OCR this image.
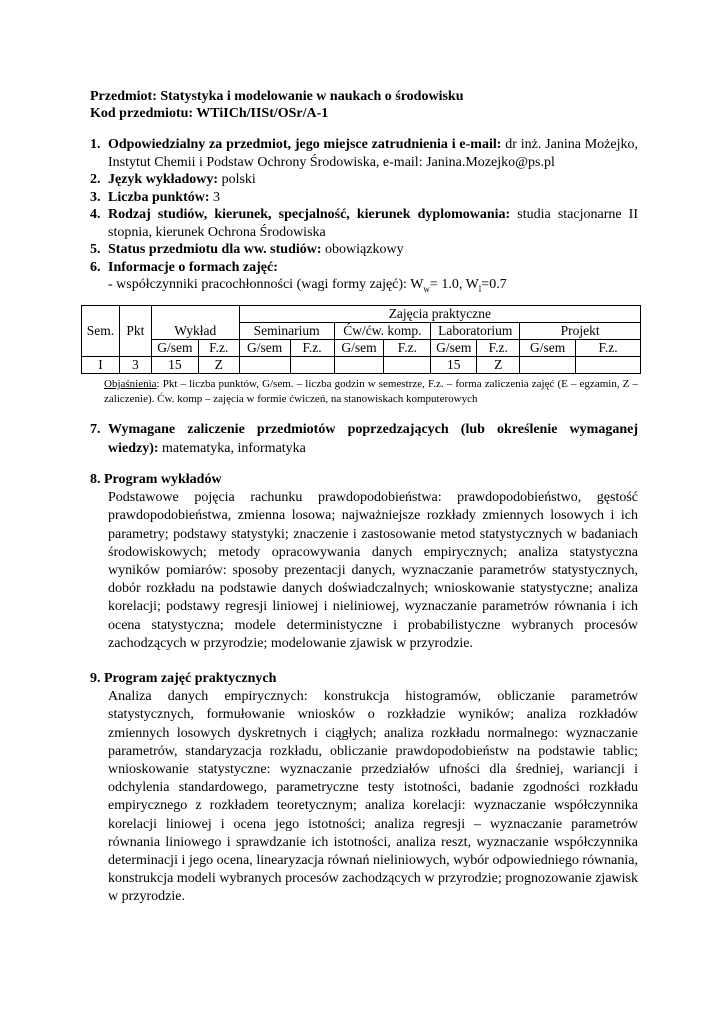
Przedmiot: Statystyka i modelowanie w naukach o środowisku
Kod przedmiotu: WTiICh/IISt/OSr/A-1
1. Odpowiedzialny za przedmiot, jego miejsce zatrudnienia i e-mail: dr inż. Janina Możejko, Instytut Chemii i Podstaw Ochrony Środowiska, e-mail: Janina.Mozejko@ps.pl
2. Język wykładowy: polski
3. Liczba punktów: 3
4. Rodzaj studiów, kierunek, specjalność, kierunek dyplomowania: studia stacjonarne II stopnia, kierunek Ochrona Środowiska
5. Status przedmiotu dla ww. studiów: obowiązkowy
6. Informacje o formach zajęć:
- współczynniki pracochłonności (wagi formy zajęć): $W_w= 1.0$, $W_l=0.7$
Sem.	Pkt	Wykład		Zajęcia praktyczne							
				Seminarium		Ćw/ćw. komp.		Laboratorium		Projekt	
		G/sem	F.z.	G/sem	F.z.	G/sem	F.z.	G/sem	F.z.	G/sem	F.z.
I	3	15	Z					15	Z		
Objaśnienia: Pkt – liczba punktów, G/sem. – liczba godzin w semestrze, F.z. – forma zaliczenia zajęć (E – egzamin, Z – zaliczenie). Ćw. komp – zajęcia w formie ćwiczeń, na stanowiskach komputerowych
7. Wymagane zaliczenie przedmiotów poprzedzających (lub określenie wymaganej wiedzy): matematyka, informatyka
8. Program wykładów
Podstawowe pojęcia rachunku prawdopodobieństwa: prawdopodobieństwo, gęstość prawdopodobieństwa, zmienna losowa; najważniejsze rozkłady zmiennych losowych i ich parametry; podstawy statystyki; znaczenie i zastosowanie metod statystycznych w badaniach środowiskowych; metody opracowywania danych empirycznych; analiza statystyczna wyników pomiarów: sposoby prezentacji danych, wyznaczanie parametrów statystycznych, dobór rozkładu na podstawie danych doświadczalnych; wnioskowanie statystyczne; analiza korelacji; podstawy regresji liniowej i nieliniowej, wyznaczanie parametrów równania i ich ocena statystyczna; modele deterministyczne i probabilistyczne wybranych procesów zachodzących w przyrodzie; modelowanie zjawisk w przyrodzie.
9. Program zajęć praktycznych
Analiza danych empirycznych: konstrukcja histogramów, obliczanie parametrów statystycznych, formułowanie wniosków o rozkładzie wyników; analiza rozkładów zmiennych losowych dyskretnych i ciągłych; analiza rozkładu normalnego: wyznaczanie parametrów, standaryzacja rozkładu, obliczanie prawdopodobieństw na podstawie tablic; wnioskowanie statystyczne: wyznaczanie przedziałów ufności dla średniej, wariancji i odchylenia standardowego, parametryczne testy istotności, badanie zgodności rozkładu empirycznego z rozkładem teoretycznym; analiza korelacji: wyznaczanie współczynnika korelacji liniowej i ocena jego istotności; analiza regresji – wyznaczanie parametrów równania liniowego i sprawdzanie ich istotności, analiza reszt, wyznaczanie współczynnika determinacji i jego ocena, linearyzacja równań nieliniowych, wybór odpowiedniego równania, konstrukcja modeli wybranych procesów zachodzących w przyrodzie; prognozowanie zjawisk w przyrodzie.
